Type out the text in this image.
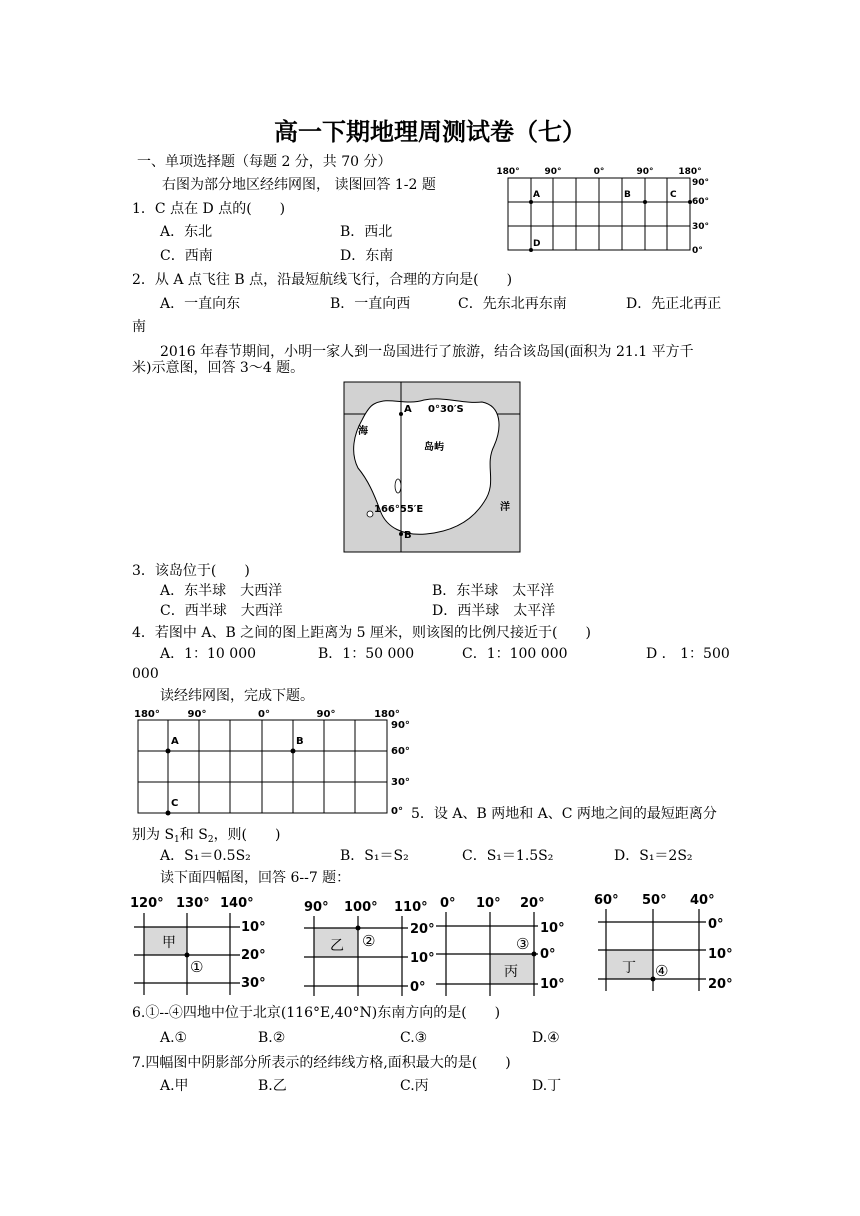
高一下期地理周测试卷（七）
一、单项选择题（每题 2 分，共 70 分）
右图为部分地区经纬网图， 读图回答 1-2 题
1．C 点在 D 点的(　　)
A．东北	B．西北
C．西南	D．东南
2．从 A 点飞往 B 点，沿最短航线飞行，合理的方向是(　　)
A．一直向东	B．一直向西	C．先东北再东南	D．先正北再正
南
2016 年春节期间，小明一家人到一岛国进行了旅游，结合该岛国(面积为 21.1 平方千
米)示意图，回答 3～4 题。
3．该岛位于(　　)
A．东半球　大西洋	B．东半球　太平洋
C．西半球　大西洋	D．西半球　太平洋
4．若图中 A、B 之间的图上距离为 5 厘米，则该图的比例尺接近于(　　)
A．1：10 000	B．1：50 000	C．1：100 000	D ． 1：500
000
读经纬网图，完成下题。
5．设 A、B 两地和 A、C 两地之间的最短距离分
别为 $S_1$和 $S_2$，则(　　)
A．S₁＝0.5S₂	B．S₁＝S₂	C．S₁＝1.5S₂	D．S₁＝2S₂
读下面四幅图，回答 6--7 题：
6.①--④四地中位于北京(116°E,40°N)东南方向的是(　　)
A.①	B.②	C.③	D.④
7.四幅图中阴影部分所表示的经纬线方格,面积最大的是(　　)
A.甲	B.乙	C.丙	D.丁
180°	90°	0°	90°	180°
90°
60°
30°
0°
A	B	C
D
A 0°30′S
海
岛屿
166°55′E	洋
B
180°	90°	0°	90°	180°
90°
60°
30°
0°
A	B
C
120° 130° 140°
10°
20°
30°
甲
①
90° 100° 110°
20°
10°
0°
乙 ②
0° 10° 20°
10°
0°
10°
丙
③
60° 50° 40°
0°
10°
20°
丁 ④
